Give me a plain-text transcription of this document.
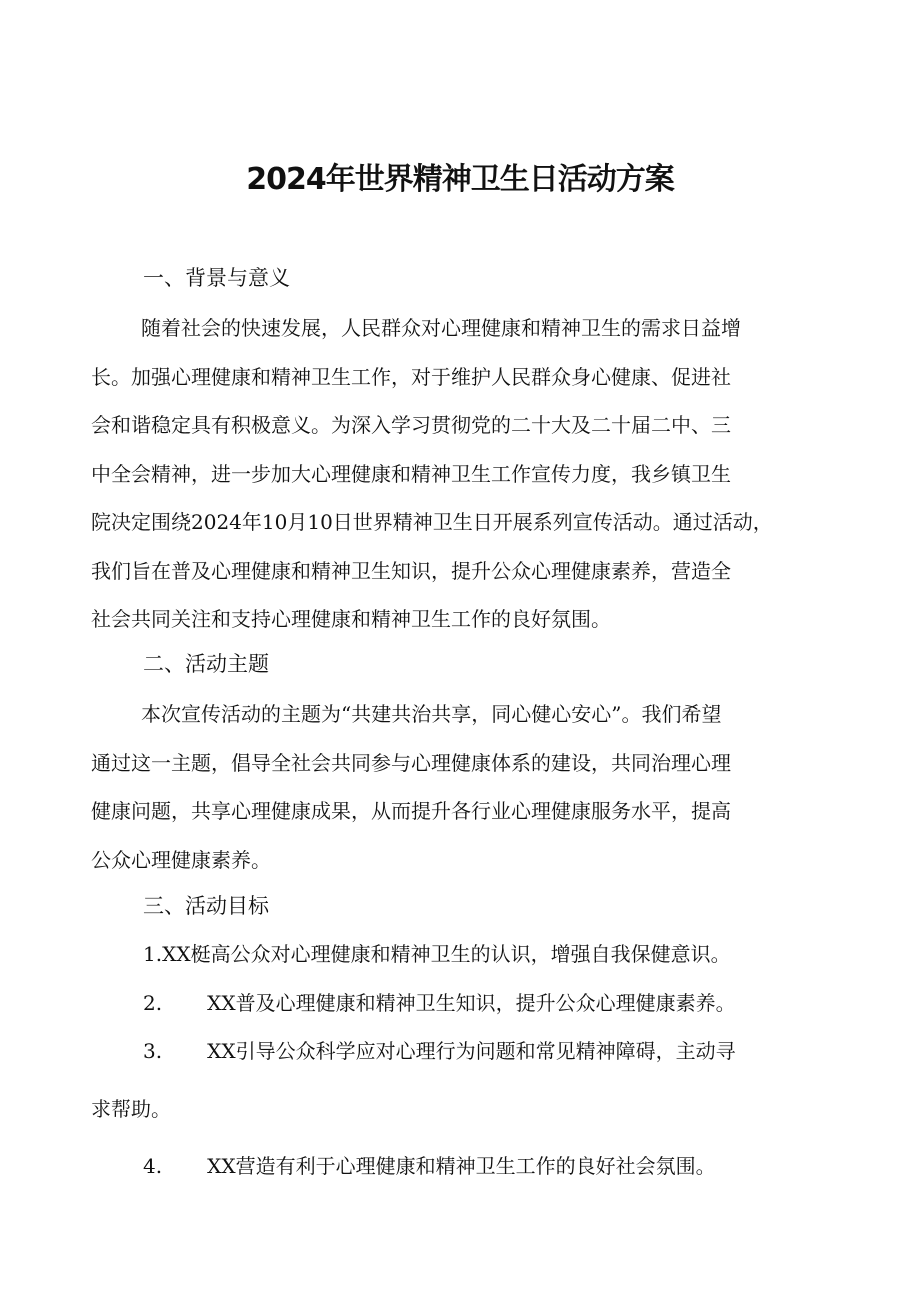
2024年世界精神卫生日活动方案
一、背景与意义
随着社会的快速发展，人民群众对心理健康和精神卫生的需求日益增
长。加强心理健康和精神卫生工作，对于维护人民群众身心健康、促进社
会和谐稳定具有积极意义。为深入学习贯彻党的二十大及二十届二中、三
中全会精神，进一步加大心理健康和精神卫生工作宣传力度，我乡镇卫生
院决定围绕2024年10月10日世界精神卫生日开展系列宣传活动。通过活动，
我们旨在普及心理健康和精神卫生知识，提升公众心理健康素养，营造全
社会共同关注和支持心理健康和精神卫生工作的良好氛围。
二、活动主题
本次宣传活动的主题为“共建共治共享，同心健心安心”。我们希望
通过这一主题，倡导全社会共同参与心理健康体系的建设，共同治理心理
健康问题，共享心理健康成果，从而提升各行业心理健康服务水平，提高
公众心理健康素养。
三、活动目标
1.XX梃高公众对心理健康和精神卫生的认识，增强自我保健意识。
2. XX普及心理健康和精神卫生知识，提升公众心理健康素养。
3. XX引导公众科学应对心理行为问题和常见精神障碍，主动寻
求帮助。
4. XX营造有利于心理健康和精神卫生工作的良好社会氛围。
